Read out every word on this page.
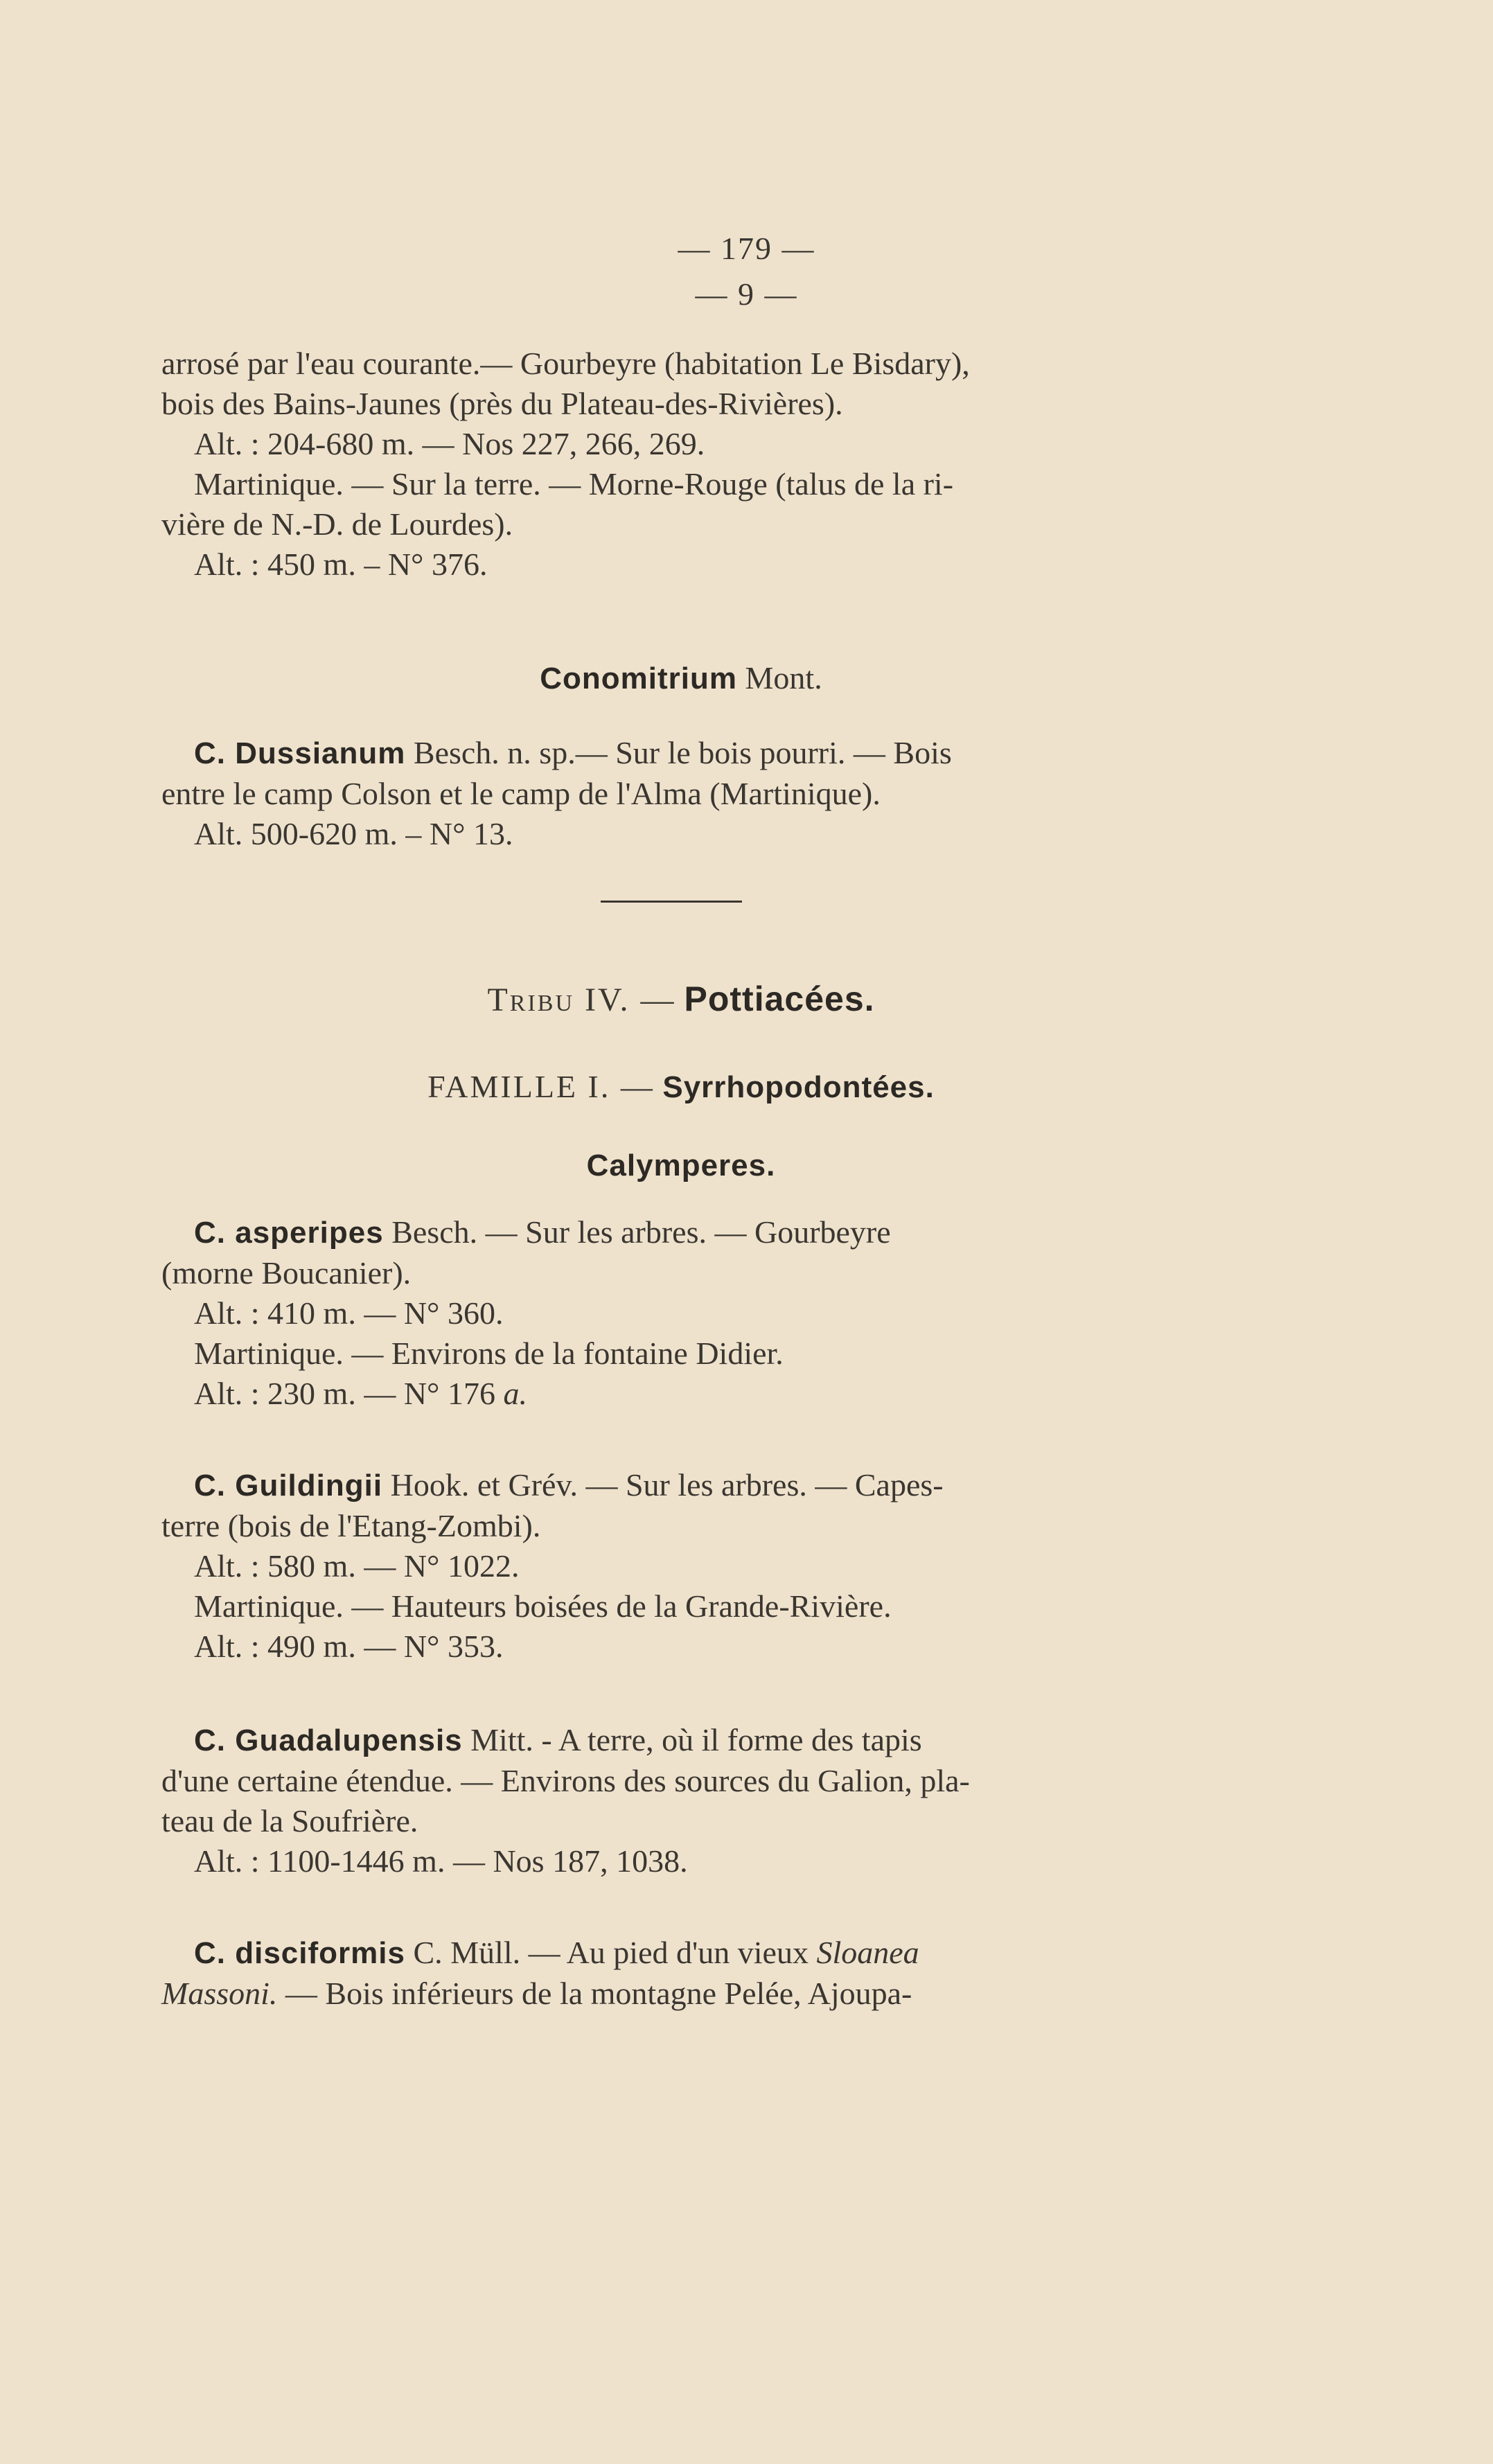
— 179 —
— 9 —

arrosé par l'eau courante.— Gourbeyre (habitation Le Bisdary),

bois des Bains-Jaunes (près du Plateau-des-Rivières).

Alt. : 204-680 m. — Nos 227, 266, 269.

Martinique. — Sur la terre. — Morne-Rouge (talus de la ri-

vière de N.-D. de Lourdes).

Alt. : 450 m. – N° 376.

Conomitrium Mont.

C. Dussianum Besch. n. sp.— Sur le bois pourri. — Bois

entre le camp Colson et le camp de l'Alma (Martinique).

Alt. 500-620 m. – N° 13.

Tribu IV. — Pottiacées.
FAMILLE I. — Syrrhopodontées.
Calymperes.

C. asperipes Besch. — Sur les arbres. — Gourbeyre

(morne Boucanier).

Alt. : 410 m. — N° 360.

Martinique. — Environs de la fontaine Didier.

Alt. : 230 m. — N° 176 a.

C. Guildingii Hook. et Grév. — Sur les arbres. — Capes-

terre (bois de l'Etang-Zombi).

Alt. : 580 m. — N° 1022.

Martinique. — Hauteurs boisées de la Grande-Rivière.

Alt. : 490 m. — N° 353.

C. Guadalupensis Mitt. - A terre, où il forme des tapis

d'une certaine étendue. — Environs des sources du Galion, pla-

teau de la Soufrière.

Alt. : 1100-1446 m. — Nos 187, 1038.

C. disciformis C. Müll. — Au pied d'un vieux Sloanea

Massoni. — Bois inférieurs de la montagne Pelée, Ajoupa-
